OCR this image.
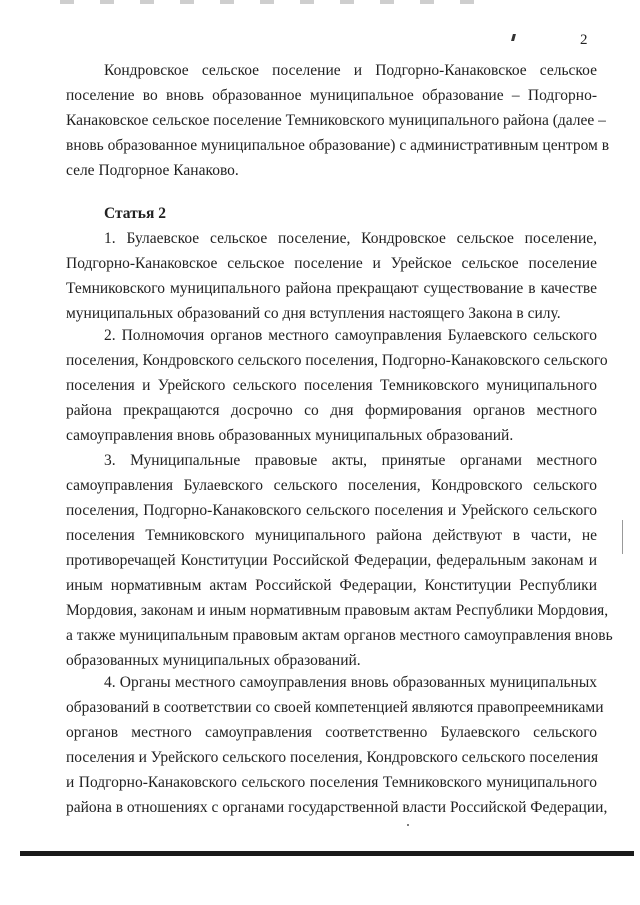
2
Кондровское сельское поселение и Подгорно-Канаковское сельское
поселение во вновь образованное муниципальное образование – Подгорно-
Канаковское сельское поселение Темниковского муниципального района (далее –
вновь образованное муниципальное образование) с административным центром в
селе Подгорное Канаково.
Статья 2
1. Булаевское сельское поселение, Кондровское сельское поселение,
Подгорно-Канаковское сельское поселение и Урейское сельское поселение
Темниковского муниципального района прекращают существование в качестве
муниципальных образований со дня вступления настоящего Закона в силу.
2. Полномочия органов местного самоуправления Булаевского сельского
поселения, Кондровского сельского поселения, Подгорно-Канаковского сельского
поселения и Урейского сельского поселения Темниковского муниципального
района прекращаются досрочно со дня формирования органов местного
самоуправления вновь образованных муниципальных образований.
3. Муниципальные правовые акты, принятые органами местного
самоуправления Булаевского сельского поселения, Кондровского сельского
поселения, Подгорно-Канаковского сельского поселения и Урейского сельского
поселения Темниковского муниципального района действуют в части, не
противоречащей Конституции Российской Федерации, федеральным законам и
иным нормативным актам Российской Федерации, Конституции Республики
Мордовия, законам и иным нормативным правовым актам Республики Мордовия,
а также муниципальным правовым актам органов местного самоуправления вновь
образованных муниципальных образований.
4. Органы местного самоуправления вновь образованных муниципальных
образований в соответствии со своей компетенцией являются правопреемниками
органов местного самоуправления соответственно Булаевского сельского
поселения и Урейского сельского поселения, Кондровского сельского поселения
и Подгорно-Канаковского сельского поселения Темниковского муниципального
района в отношениях с органами государственной власти Российской Федерации,
